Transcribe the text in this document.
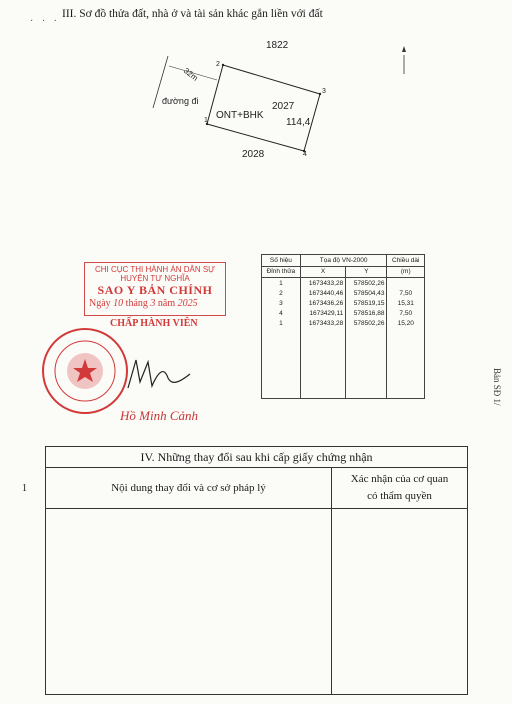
· · ·
III. Sơ đồ thửa đất, nhà ở và tài sản khác gắn liền với đất
1822
2027
114,4
ONT+BHK
2028
đường đi
32m
1
2
3
4
Số hiệu	Tọa độ VN-2000		Chiều dài
Đỉnh thửa	X	Y	(m)
1	1673433,28	578502,26	
2	1673440,46	578504,43	7,50
3	1673436,26	578519,15	15,31
4	1673429,11	578516,88	7,50
1	1673433,28	578502,26	15,20

CHI CỤC THI HÀNH ÁN DÂN SỰ
HUYỆN TƯ NGHĨA
SAO Y BẢN CHÍNH
Ngày 10 tháng 3 năm 2025
CHẤP HÀNH VIÊN
Hồ Minh Cảnh
IV. Những thay đổi sau khi cấp giấy chứng nhận
Nội dung thay đổi và cơ sở pháp lý
Xác nhận của cơ quan
có thẩm quyền
1
Bản SĐ 1/
